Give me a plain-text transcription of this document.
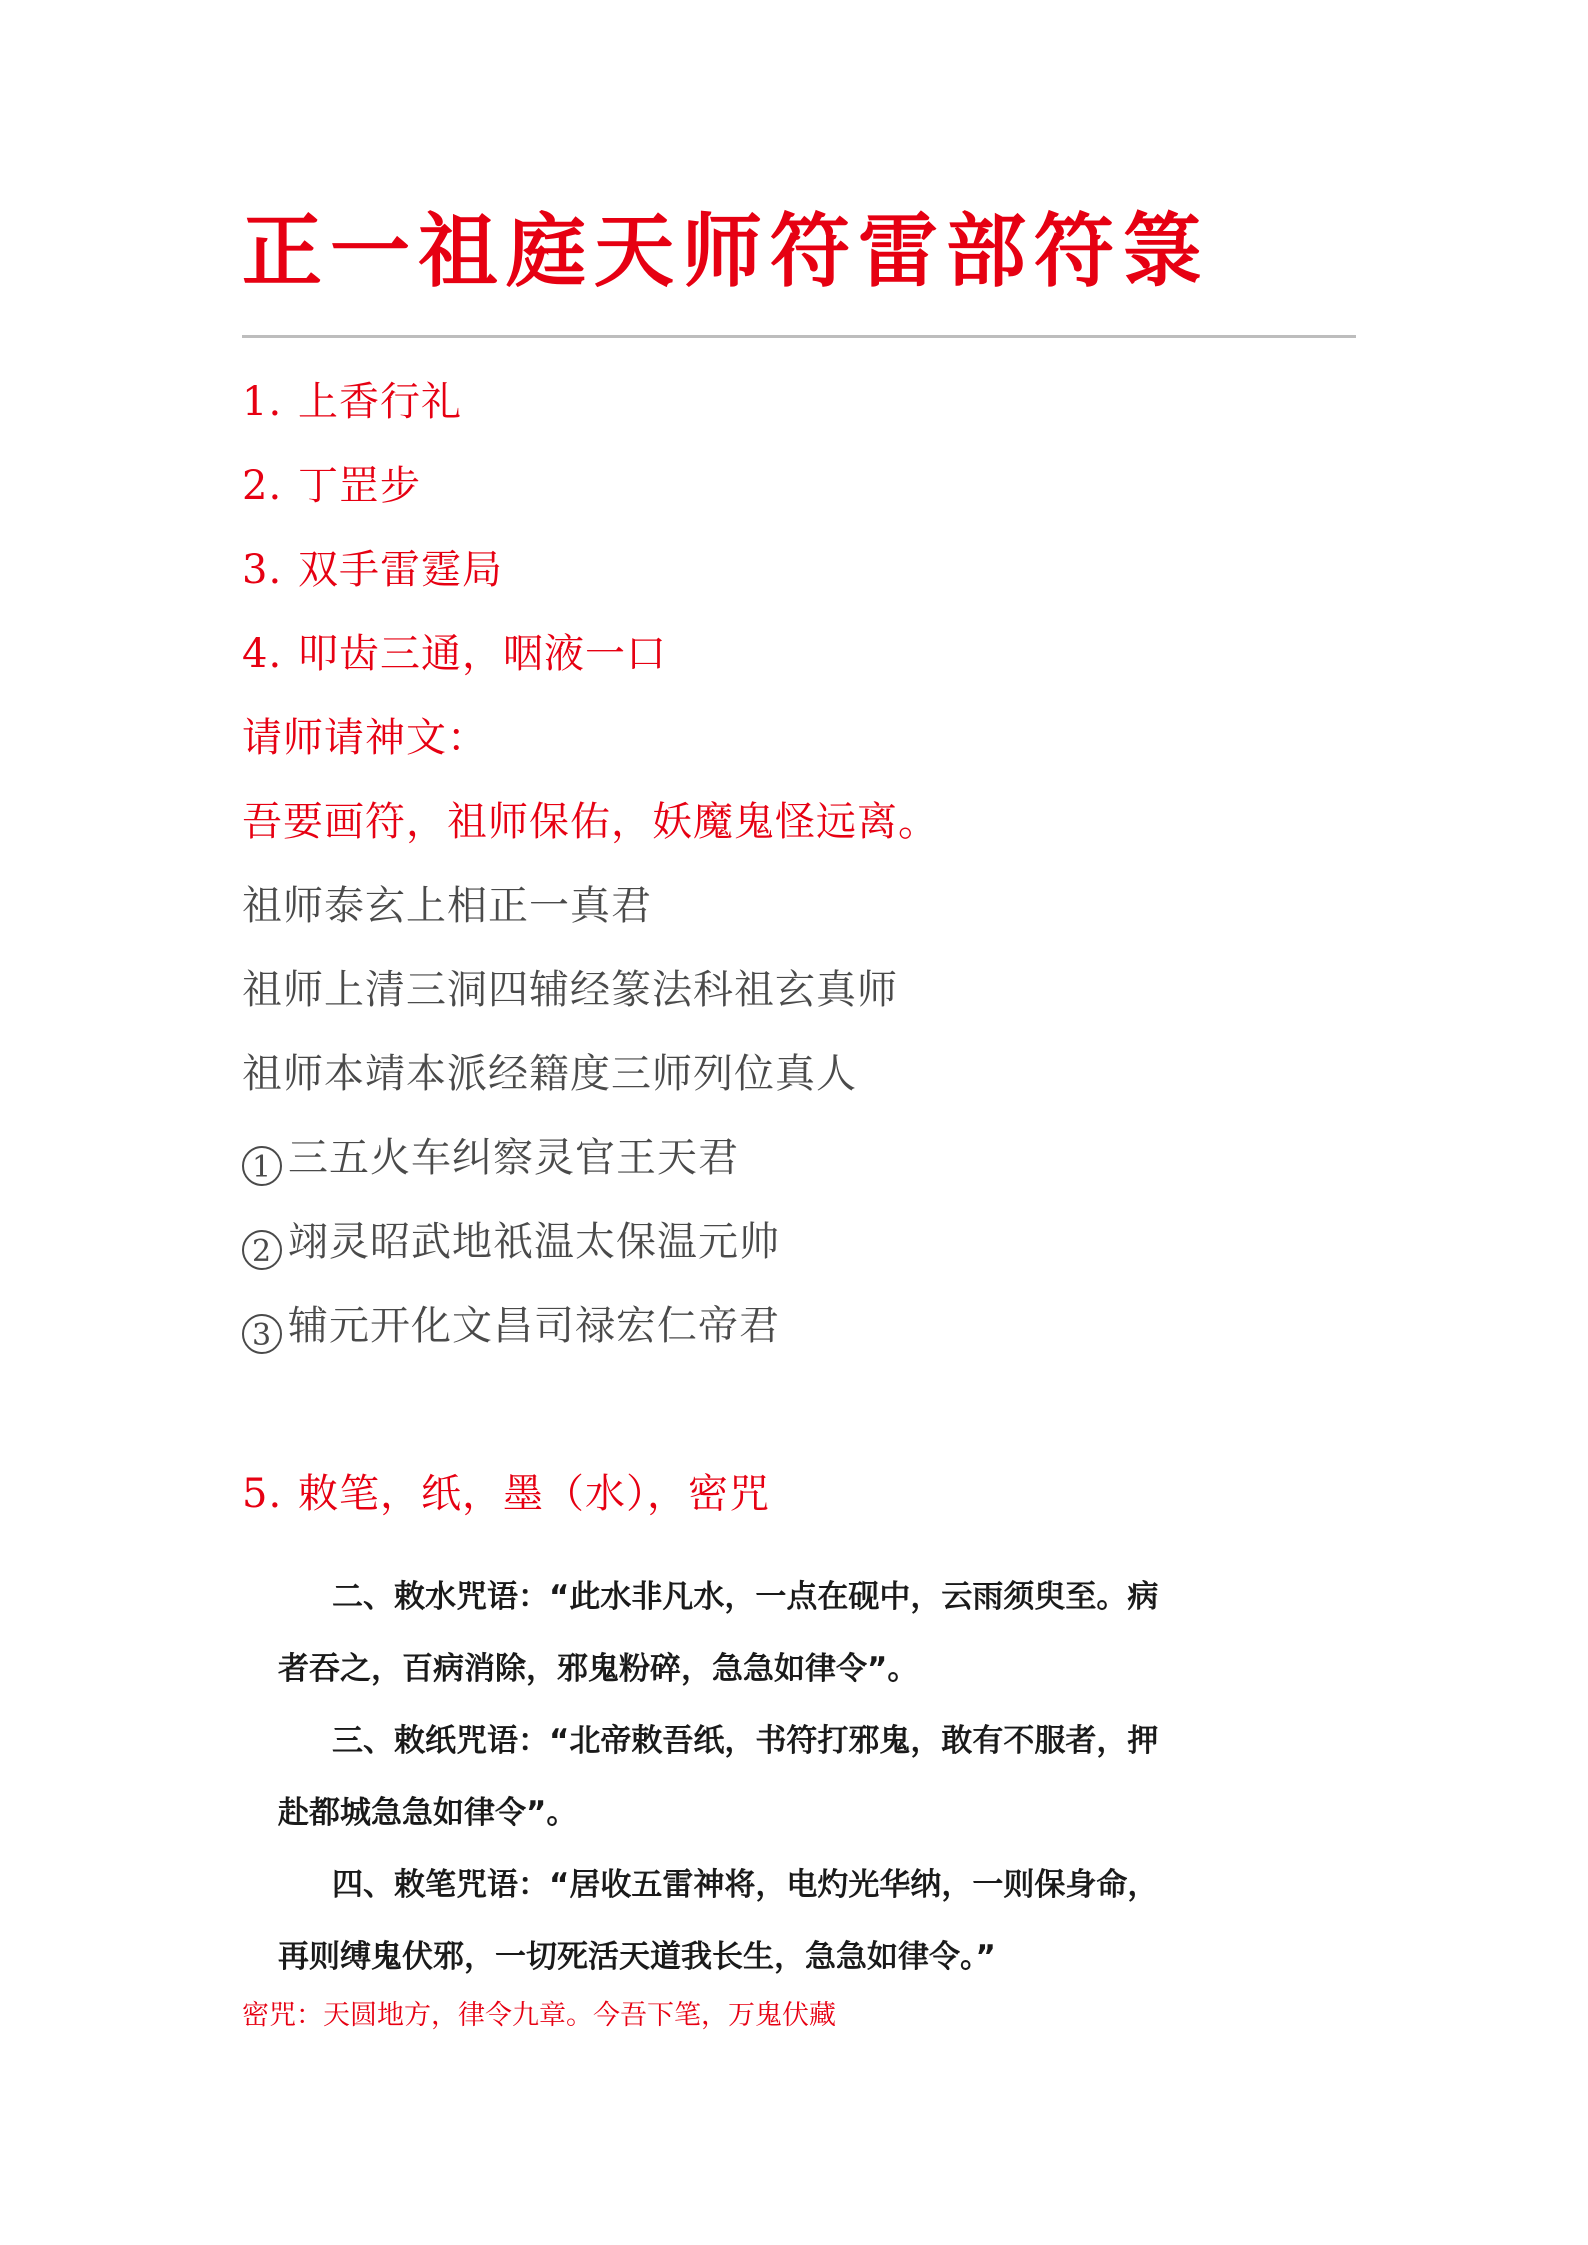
正一祖庭天师符雷部符箓
1. 上香行礼
2. 丁罡步
3. 双手雷霆局
4. 叩齿三通，咽液一口
请师请神文：
吾要画符，祖师保佑，妖魔鬼怪远离。
祖师泰玄上相正一真君
祖师上清三洞四辅经篆法科祖玄真师
祖师本靖本派经籍度三师列位真人
1 三五火车纠察灵官王天君
2 翊灵昭武地祇温太保温元帅
3 辅元开化文昌司禄宏仁帝君
5. 敕笔，纸，墨（水），密咒
二、敕水咒语：“此水非凡水，一点在砚中，云雨须臾至。病
者吞之，百病消除，邪鬼粉碎，急急如律令”。
三、敕纸咒语：“北帝敕吾纸，书符打邪鬼，敢有不服者，押
赴都城急急如律令”。
四、敕笔咒语：“居收五雷神将，电灼光华纳，一则保身命，
再则缚鬼伏邪，一切死活天道我长生，急急如律令。”
密咒：天圆地方，律令九章。今吾下笔，万鬼伏藏
